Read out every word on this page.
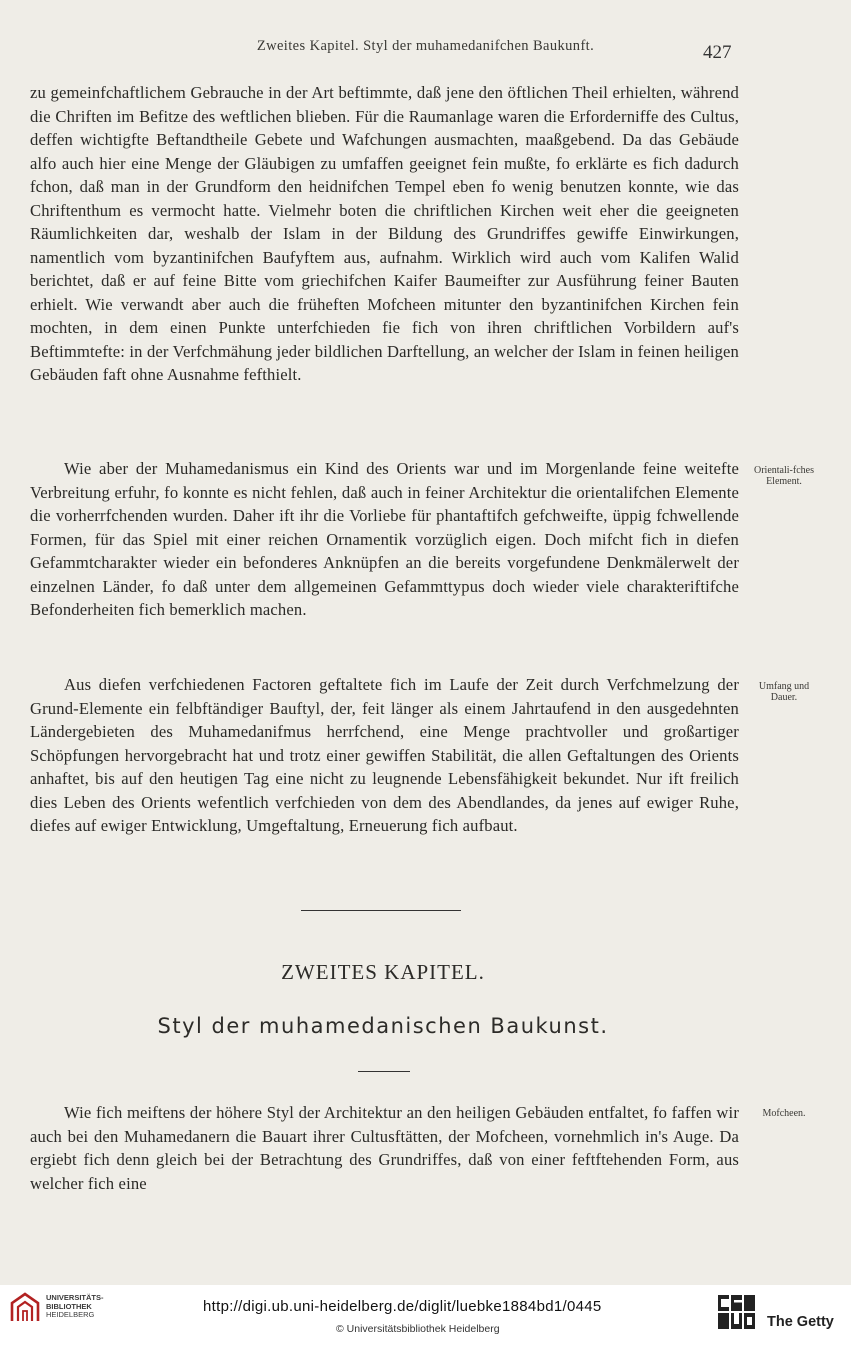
Zweites Kapitel. Styl der muhamedanifchen Baukunft.	427

zu gemeinfchaftlichem Gebrauche in der Art beftimmte, daß jene den öftlichen Theil erhielten, während die Chriften im Befitze des weftlichen blieben. Für die Raumanlage waren die Erforderniffe des Cultus, deffen wichtigfte Beftandtheile Gebete und Wafchungen ausmachten, maaßgebend. Da das Gebäude alfo auch hier eine Menge der Gläubigen zu umfaffen geeignet fein mußte, fo erklärte es fich dadurch fchon, daß man in der Grundform den heidnifchen Tempel eben fo wenig benutzen konnte, wie das Chriftenthum es vermocht hatte. Vielmehr boten die chriftlichen Kirchen weit eher die geeigneten Räumlichkeiten dar, weshalb der Islam in der Bildung des Grundriffes gewiffe Einwirkungen, namentlich vom byzantinifchen Baufyftem aus, aufnahm. Wirklich wird auch vom Kalifen Walid berichtet, daß er auf feine Bitte vom griechifchen Kaifer Baumeifter zur Ausführung feiner Bauten erhielt. Wie verwandt aber auch die früheften Mofcheen mitunter den byzantinifchen Kirchen fein mochten, in dem einen Punkte unterfchieden fie fich von ihren chriftlichen Vorbildern auf's Beftimmtefte: in der Verfchmähung jeder bildlichen Darftellung, an welcher der Islam in feinen heiligen Gebäuden faft ohne Ausnahme fefthielt.

Wie aber der Muhamedanismus ein Kind des Orients war und im Morgenlande feine weitefte Verbreitung erfuhr, fo konnte es nicht fehlen, daß auch in feiner Architektur die orientalifchen Elemente die vorherrfchenden wurden. Daher ift ihr die Vorliebe für phantaftifch gefchweifte, üppig fchwellende Formen, für das Spiel mit einer reichen Ornamentik vorzüglich eigen. Doch mifcht fich in diefen Gefammtcharakter wieder ein befonderes Anknüpfen an die bereits vorgefundene Denkmälerwelt der einzelnen Länder, fo daß unter dem allgemeinen Gefammttypus doch wieder viele charakteriftifche Befonderheiten fich bemerklich machen.

Orientali-fches Element.

Aus diefen verfchiedenen Factoren geftaltete fich im Laufe der Zeit durch Verfchmelzung der Grund-Elemente ein felbftändiger Bauftyl, der, feit länger als einem Jahrtaufend in den ausgedehnten Ländergebieten des Muhamedanifmus herrfchend, eine Menge prachtvoller und großartiger Schöpfungen hervorgebracht hat und trotz einer gewiffen Stabilität, die allen Geftaltungen des Orients anhaftet, bis auf den heutigen Tag eine nicht zu leugnende Lebensfähigkeit bekundet. Nur ift freilich dies Leben des Orients wefentlich verfchieden von dem des Abendlandes, da jenes auf ewiger Ruhe, diefes auf ewiger Entwicklung, Umgeftaltung, Erneuerung fich aufbaut.

Umfang und Dauer.
ZWEITES KAPITEL.
Styl der muhamedanischen Baukunst.

Wie fich meiftens der höhere Styl der Architektur an den heiligen Gebäuden entfaltet, fo faffen wir auch bei den Muhamedanern die Bauart ihrer Cultusftätten, der Mofcheen, vornehmlich in's Auge. Da ergiebt fich denn gleich bei der Betrachtung des Grundriffes, daß von einer feftftehenden Form, aus welcher fich eine

Mofcheen.
UNIVERSITÄTS-
BIBLIOTHEK
HEIDELBERG	http://digi.ub.uni-heidelberg.de/diglit/luebke1884bd1/0445
© Universitätsbibliothek Heidelberg	The Getty
